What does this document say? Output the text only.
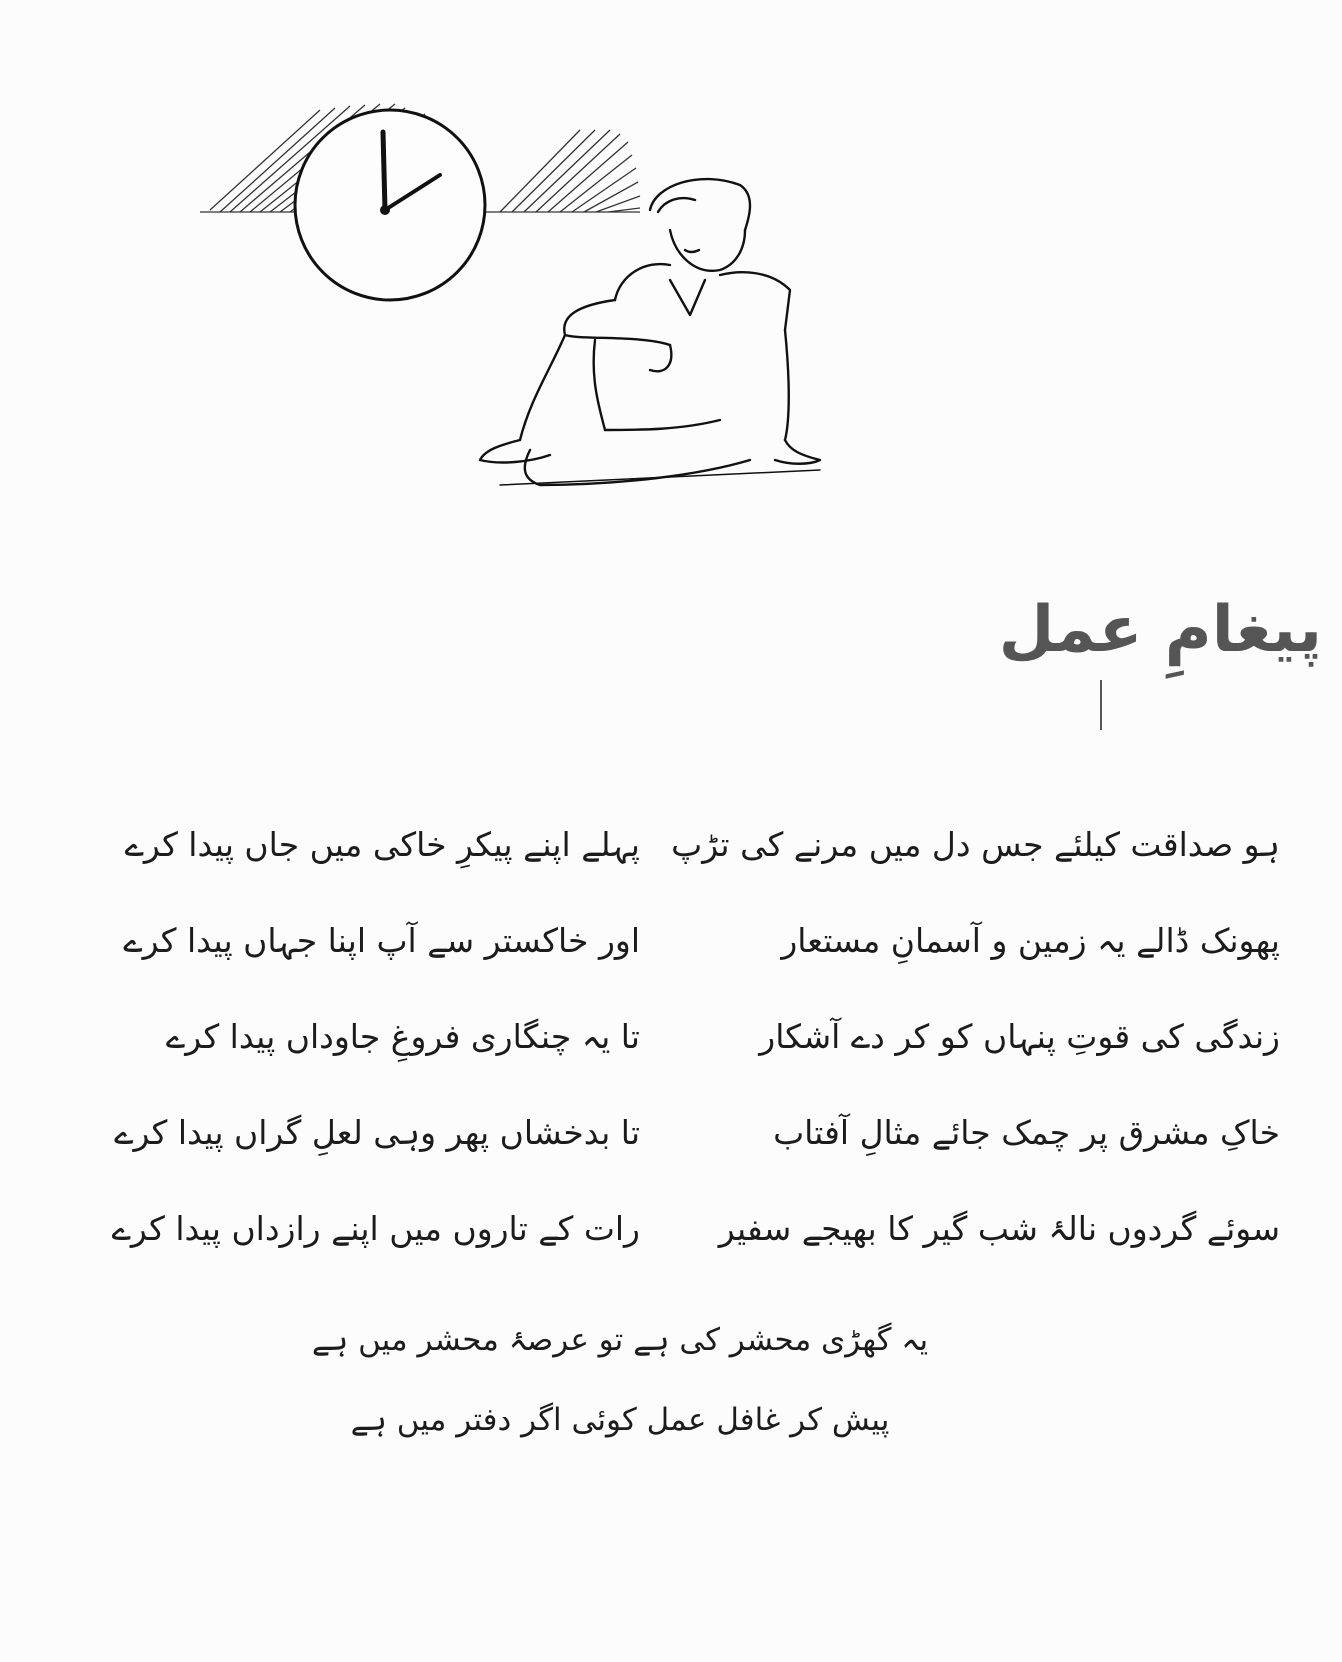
پیغامِ عمل
ہو صداقت کیلئے جس دل میں مرنے کی تڑپ
پہلے اپنے پیکرِ خاکی میں جاں پیدا کرے
پھونک ڈالے یہ زمین و آسمانِ مستعار
اور خاکستر سے آپ اپنا جہاں پیدا کرے
زندگی کی قوتِ پنہاں کو کر دے آشکار
تا یہ چنگاری فروغِ جاوداں پیدا کرے
خاکِ مشرق پر چمک جائے مثالِ آفتاب
تا بدخشاں پھر وہی لعلِ گراں پیدا کرے
سوئے گردوں نالۂ شب گیر کا بھیجے سفیر
رات کے تاروں میں اپنے رازداں پیدا کرے
یہ گھڑی محشر کی ہے تو عرصۂ محشر میں ہے
پیش کر غافل عمل کوئی اگر دفتر میں ہے
